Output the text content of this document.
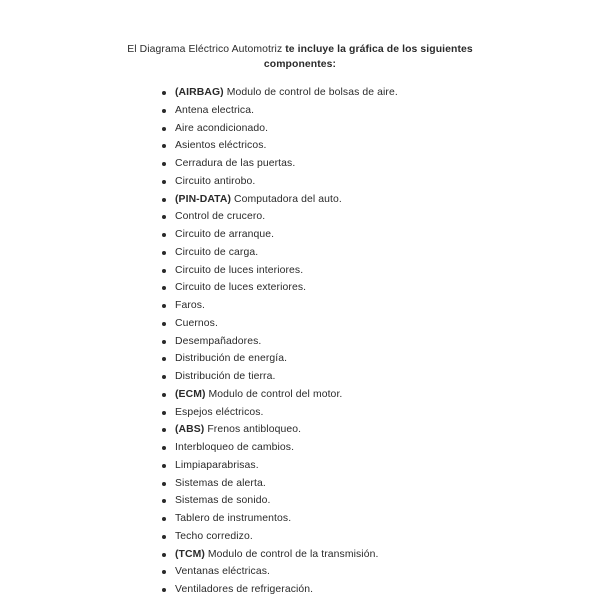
El Diagrama Eléctrico Automotriz te incluye la gráfica de los siguientes componentes:
(AIRBAG) Modulo de control de bolsas de aire.
Antena electrica.
Aire acondicionado.
Asientos eléctricos.
Cerradura de las puertas.
Circuito antirobo.
(PIN-DATA) Computadora del auto.
Control de crucero.
Circuito de arranque.
Circuito de carga.
Circuito de luces interiores.
Circuito de luces exteriores.
Faros.
Cuernos.
Desempañadores.
Distribución de energía.
Distribución de tierra.
(ECM) Modulo de control del motor.
Espejos eléctricos.
(ABS) Frenos antibloqueo.
Interbloqueo de cambios.
Limpiaparabrisas.
Sistemas de alerta.
Sistemas de sonido.
Tablero de instrumentos.
Techo corredizo.
(TCM) Modulo de control de la transmisión.
Ventanas eléctricas.
Ventiladores de refrigeración.
